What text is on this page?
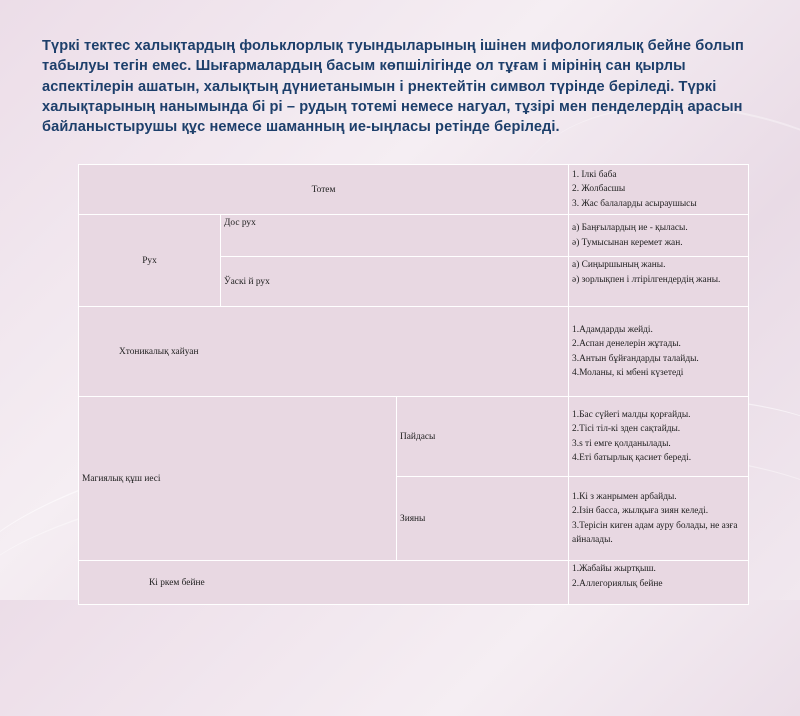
Түркі тектес халықтардың фольклорлық туындыларының ішінен мифологиялық бейне болып табылуы тегін емес. Шығармалардың басым көпшілігінде ол тұғам і мірінің сан қырлы аспектілерін ашатын, халықтың дүниетанымын і рнектейтін символ түрінде беріледі. Түркі халықтарының нанымында бі рі – рудың тотемі немесе нагуал, тұзірі мен пенделердің арасын байланыстырушы құс немесе шаманның ие-ыңласы ретінде беріледі.
Тотем			1. Ілкі баба
2. Жолбасшы
3. Жас балаларды асыраушысы

Рух	Дос рух		а) Баңғылардың ие - қыласы.
ә) Тумысынан керемет жан.

	Ўаскі й рух		а) Сиңыршының жаны.
ә) зорлықпен і лтірілгендердің жаны.

Хтоникалық хайуан			1.Адамдарды жейді.
2.Аспан денелерін жұтады.
3.Антын бұйғандарды талайды.
4.Моланы, кі мбені күзетеді

Магиялық құш иесі		Пайдасы	1.Бас сүйегі малды қорғайды.
2.Тісі тіл-кі зден сақтайды.
3.s ті емге қолданылады.
4.Еті батырлық қасиет береді.

		Зияны	1.Кі з жанрымен арбайды.
2.Ізін басса, жылқыға зиян келеді.
3.Терісін киген адам ауру болады, не азға айналады.

Кі ркем бейне			1.Жабайы жыртқыш.
2.Аллегориялық бейне
